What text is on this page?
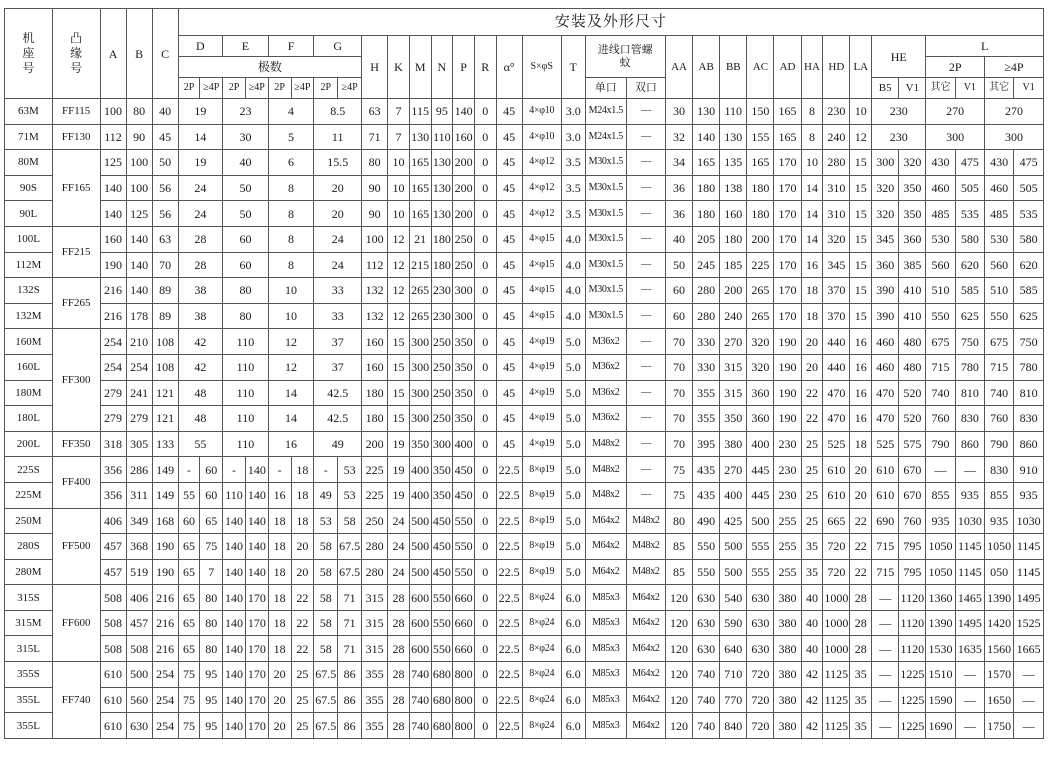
机座号	凸缘号	A	B	C	安装及外形尺寸																																
					D		E		F		G		H	K	M	N	P	R	α°	S×φS	T	进线口管螺蚊		AA	AB	BB	AC	AD	HA	HD	LA	HE		L			
					极数																													2P		≥4P	
					2P	≥4P	2P	≥4P	2P	≥4P	2P	≥4P										单口	双口									B5	V1	其它	V1	其它	V1
63M	FF115	100	80	40	19		23		4		8.5		63	7	115	95	140	0	45	4×φ10	3.0	M24x1.5	—	30	130	110	150	165	8	230	10	230		270		270	
71M	FF130	112	90	45	14		30		5		11		71	7	130	110	160	0	45	4×φ10	3.0	M24x1.5	—	32	140	130	155	165	8	240	12	230		300		300	
80M	FF165	125	100	50	19		40		6		15.5		80	10	165	130	200	0	45	4×φ12	3.5	M30x1.5	—	34	165	135	165	170	10	280	15	300	320	430	475	430	475
90S		140	100	56	24		50		8		20		90	10	165	130	200	0	45	4×φ12	3.5	M30x1.5	—	36	180	138	180	170	14	310	15	320	350	460	505	460	505
90L		140	125	56	24		50		8		20		90	10	165	130	200	0	45	4×φ12	3.5	M30x1.5	—	36	180	160	180	170	14	310	15	320	350	485	535	485	535
100L	FF215	160	140	63	28		60		8		24		100	12	21	180	250	0	45	4×φ15	4.0	M30x1.5	—	40	205	180	200	170	14	320	15	345	360	530	580	530	580
112M		190	140	70	28		60		8		24		112	12	215	180	250	0	45	4×φ15	4.0	M30x1.5	—	50	245	185	225	170	16	345	15	360	385	560	620	560	620
132S	FF265	216	140	89	38		80		10		33		132	12	265	230	300	0	45	4×φ15	4.0	M30x1.5	—	60	280	200	265	170	18	370	15	390	410	510	585	510	585
132M		216	178	89	38		80		10		33		132	12	265	230	300	0	45	4×φ15	4.0	M30x1.5	—	60	280	240	265	170	18	370	15	390	410	550	625	550	625
160M	FF300	254	210	108	42		110		12		37		160	15	300	250	350	0	45	4×φ19	5.0	M36x2	—	70	330	270	320	190	20	440	16	460	480	675	750	675	750
160L		254	254	108	42		110		12		37		160	15	300	250	350	0	45	4×φ19	5.0	M36x2	—	70	330	315	320	190	20	440	16	460	480	715	780	715	780
180M		279	241	121	48		110		14		42.5		180	15	300	250	350	0	45	4×φ19	5.0	M36x2	—	70	355	315	360	190	22	470	16	470	520	740	810	740	810
180L		279	279	121	48		110		14		42.5		180	15	300	250	350	0	45	4×φ19	5.0	M36x2	—	70	355	350	360	190	22	470	16	470	520	760	830	760	830
200L	FF350	318	305	133	55		110		16		49		200	19	350	300	400	0	45	4×φ19	5.0	M48x2	—	70	395	380	400	230	25	525	18	525	575	790	860	790	860
225S	FF400	356	286	149	-	60	-	140	-	18	-	53	225	19	400	350	450	0	22.5	8×φ19	5.0	M48x2	—	75	435	270	445	230	25	610	20	610	670	—	—	830	910
225M		356	311	149	55	60	110	140	16	18	49	53	225	19	400	350	450	0	22.5	8×φ19	5.0	M48x2	—	75	435	400	445	230	25	610	20	610	670	855	935	855	935
250M	FF500	406	349	168	60	65	140	140	18	18	53	58	250	24	500	450	550	0	22.5	8×φ19	5.0	M64x2	M48x2	80	490	425	500	255	25	665	22	690	760	935	1030	935	1030
280S		457	368	190	65	75	140	140	18	20	58	67.5	280	24	500	450	550	0	22.5	8×φ19	5.0	M64x2	M48x2	85	550	500	555	255	35	720	22	715	795	1050	1145	1050	1145
280M		457	519	190	65	7	140	140	18	20	58	67.5	280	24	500	450	550	0	22.5	8×φ19	5.0	M64x2	M48x2	85	550	500	555	255	35	720	22	715	795	1050	1145	050	1145
315S	FF600	508	406	216	65	80	140	170	18	22	58	71	315	28	600	550	660	0	22.5	8×φ24	6.0	M85x3	M64x2	120	630	540	630	380	40	1000	28	—	1120	1360	1465	1390	1495
315M		508	457	216	65	80	140	170	18	22	58	71	315	28	600	550	660	0	22.5	8×φ24	6.0	M85x3	M64x2	120	630	590	630	380	40	1000	28	—	1120	1390	1495	1420	1525
315L		508	508	216	65	80	140	170	18	22	58	71	315	28	600	550	660	0	22.5	8×φ24	6.0	M85x3	M64x2	120	630	640	630	380	40	1000	28	—	1120	1530	1635	1560	1665
355S	FF740	610	500	254	75	95	140	170	20	25	67.5	86	355	28	740	680	800	0	22.5	8×φ24	6.0	M85x3	M64x2	120	740	710	720	380	42	1125	35	—	1225	1510	—	1570	—
355L		610	560	254	75	95	140	170	20	25	67.5	86	355	28	740	680	800	0	22.5	8×φ24	6.0	M85x3	M64x2	120	740	770	720	380	42	1125	35	—	1225	1590	—	1650	—
355L		610	630	254	75	95	140	170	20	25	67.5	86	355	28	740	680	800	0	22.5	8×φ24	6.0	M85x3	M64x2	120	740	840	720	380	42	1125	35	—	1225	1690	—	1750	—
